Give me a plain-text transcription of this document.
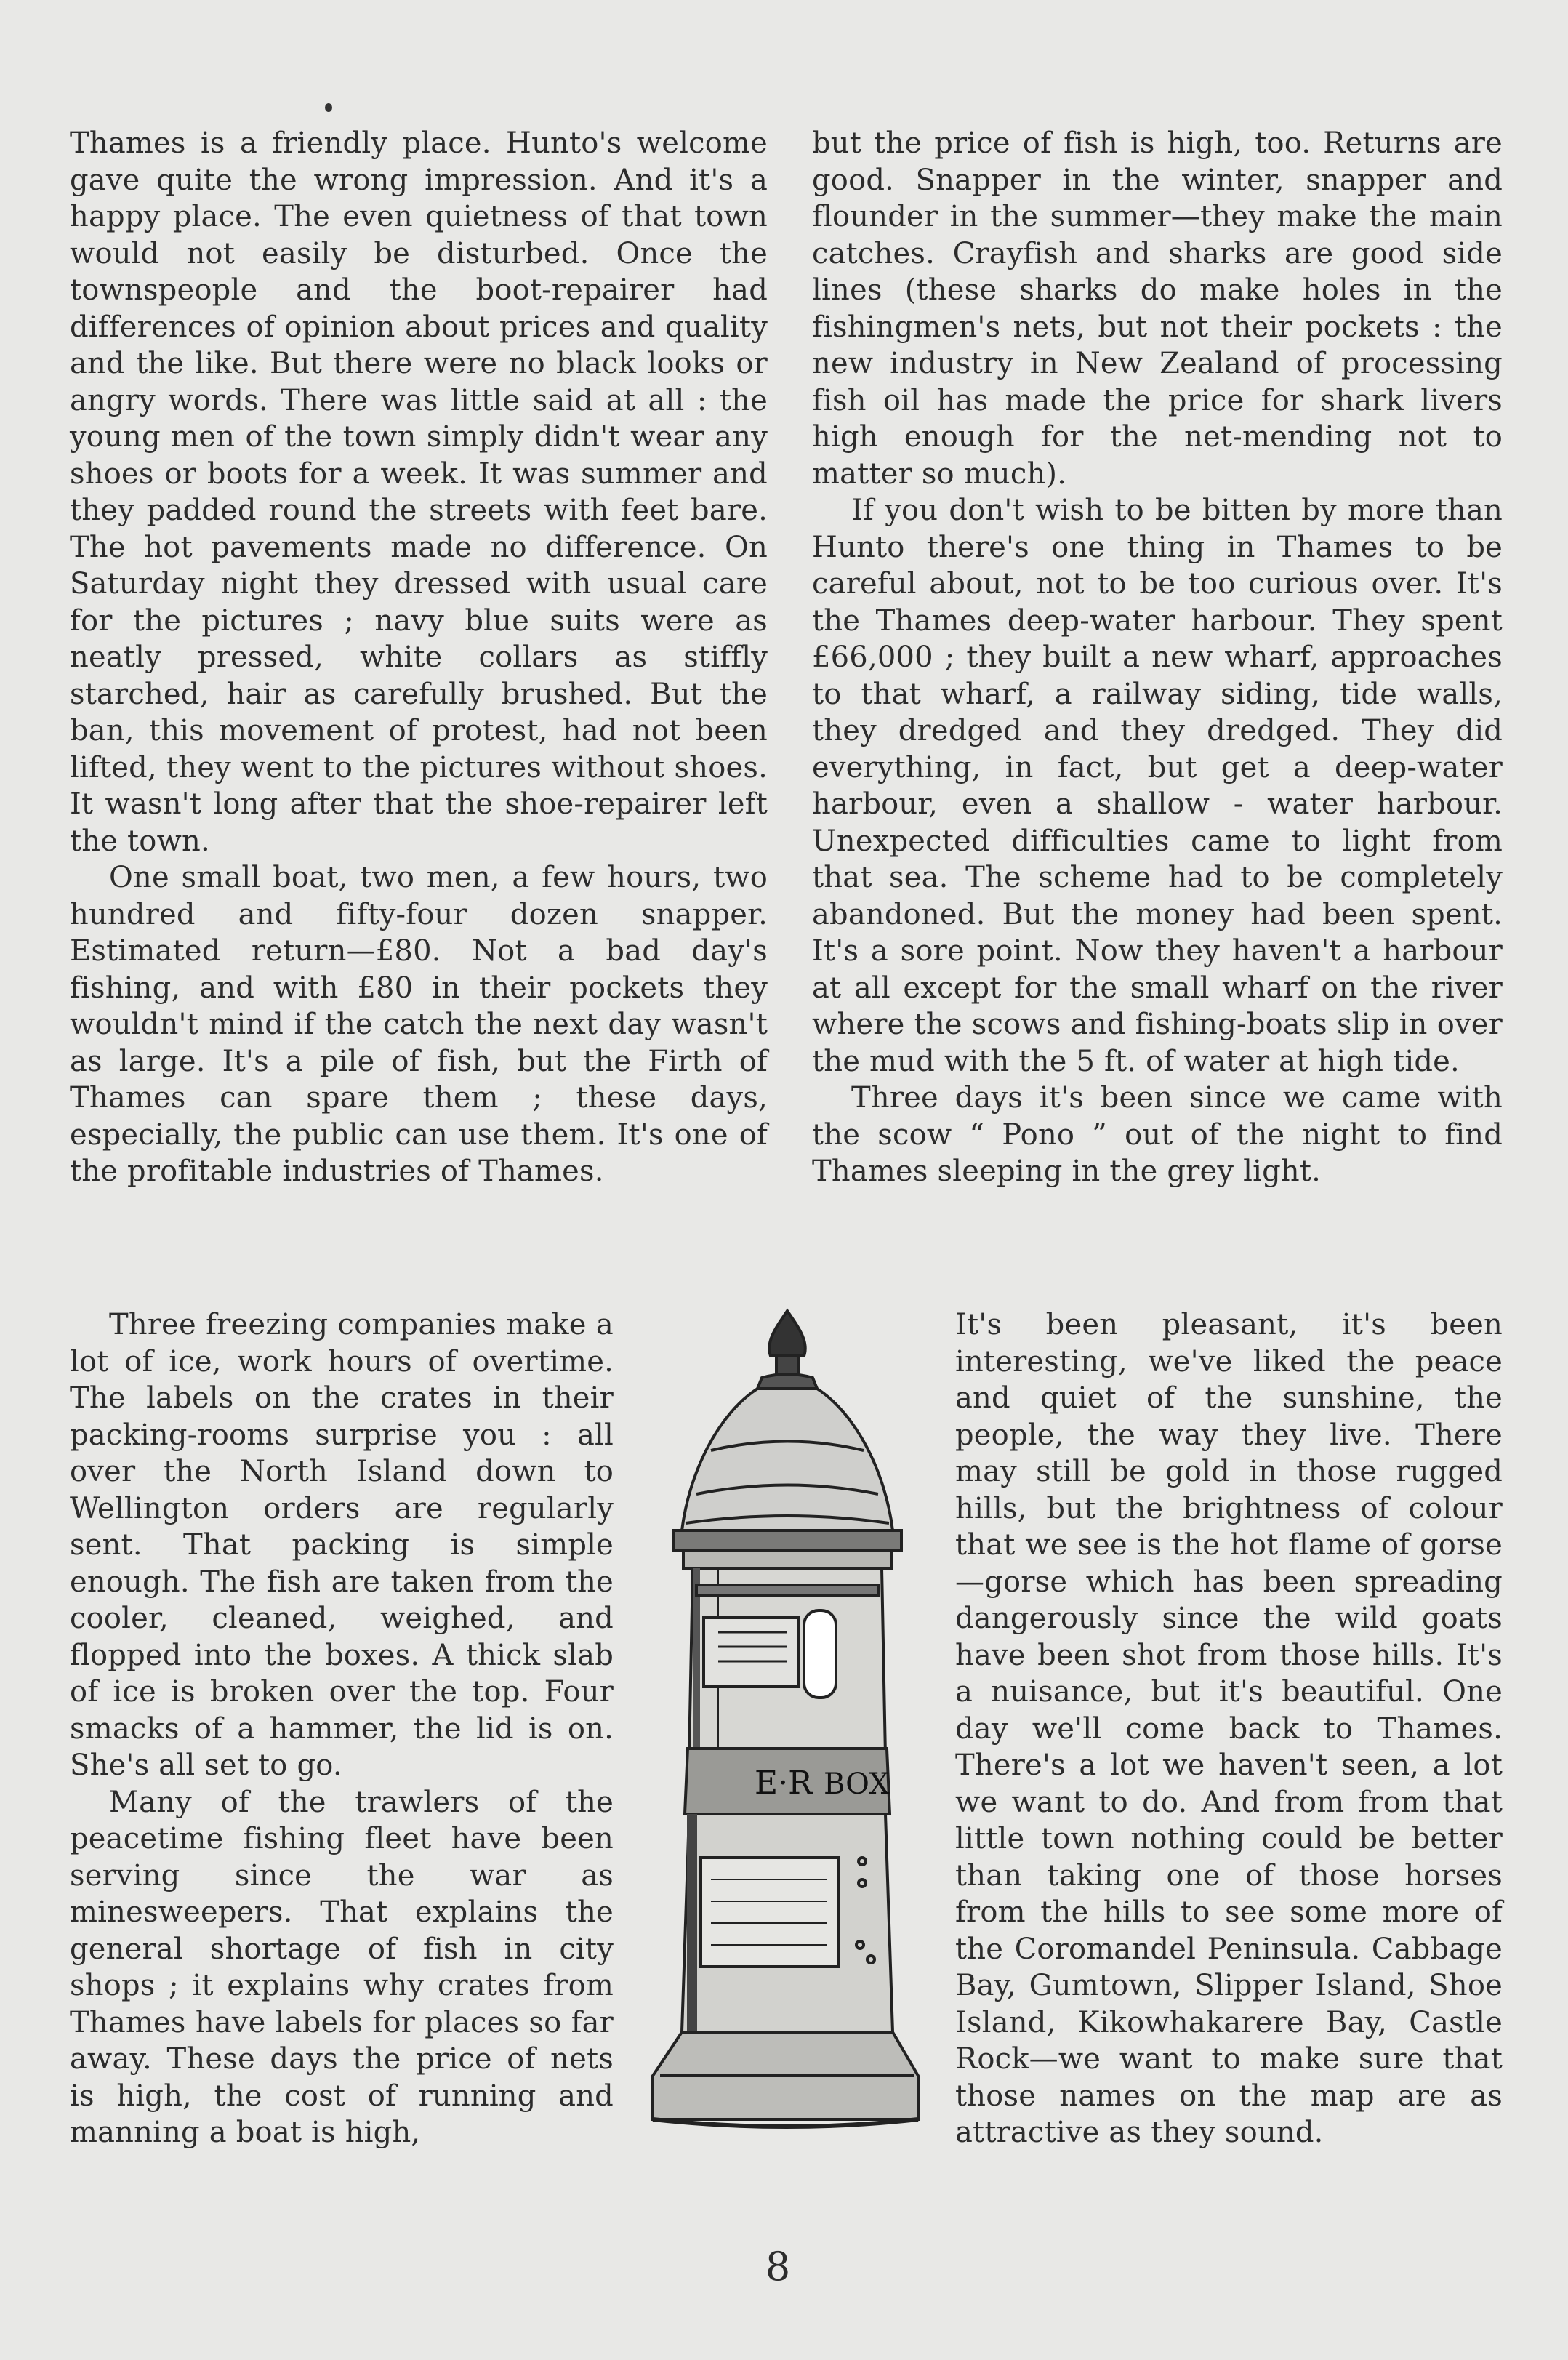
Thames is a friendly place. Hunto's welcome gave quite the wrong impression. And it's a happy place. The even quietness of that town would not easily be disturbed. Once the townspeople and the boot-repairer had differences of opinion about prices and quality and the like. But there were no black looks or angry words. There was little said at all : the young men of the town simply didn't wear any shoes or boots for a week. It was summer and they padded round the streets with feet bare. The hot pavements made no difference. On Saturday night they dressed with usual care for the pictures ; navy blue suits were as neatly pressed, white collars as stiffly starched, hair as carefully brushed. But the ban, this movement of protest, had not been lifted, they went to the pictures without shoes. It wasn't long after that the shoe-repairer left the town.

One small boat, two men, a few hours, two hundred and fifty-four dozen snapper. Estimated return—£80. Not a bad day's fishing, and with £80 in their pockets they wouldn't mind if the catch the next day wasn't as large. It's a pile of fish, but the Firth of Thames can spare them ; these days, especially, the public can use them. It's one of the profitable industries of Thames.

Three freezing companies make a lot of ice, work hours of overtime. The labels on the crates in their packing-rooms surprise you : all over the North Island down to Wellington orders are regularly sent. That packing is simple enough. The fish are taken from the cooler, cleaned, weighed, and flopped into the boxes. A thick slab of ice is broken over the top. Four smacks of a hammer, the lid is on. She's all set to go.

Many of the trawlers of the peacetime fishing fleet have been serving since the war as minesweepers. That explains the general shortage of fish in city shops ; it explains why crates from Thames have labels for places so far away. These days the price of nets is high, the cost of running and manning a boat is high,

but the price of fish is high, too. Returns are good. Snapper in the winter, snapper and flounder in the summer—they make the main catches. Crayfish and sharks are good side lines (these sharks do make holes in the fishingmen's nets, but not their pockets : the new industry in New Zealand of processing fish oil has made the price for shark livers high enough for the net-mending not to matter so much).

If you don't wish to be bitten by more than Hunto there's one thing in Thames to be careful about, not to be too curious over. It's the Thames deep-water harbour. They spent £66,000 ; they built a new wharf, approaches to that wharf, a railway siding, tide walls, they dredged and they dredged. They did everything, in fact, but get a deep-water harbour, even a shallow - water harbour. Unexpected difficulties came to light from that sea. The scheme had to be completely abandoned. But the money had been spent. It's a sore point. Now they haven't a harbour at all except for the small wharf on the river where the scows and fishing-boats slip in over the mud with the 5 ft. of water at high tide.

Three days it's been since we came with the scow “ Pono ” out of the night to find Thames sleeping in the grey light.

It's been pleasant, it's been interesting, we've liked the peace and quiet of the sunshine, the people, the way they live. There may still be gold in those rugged hills, but the brightness of colour that we see is the hot flame of gorse—gorse which has been spreading dangerously since the wild goats have been shot from those hills. It's a nuisance, but it's beautiful. One day we'll come back to Thames. There's a lot we haven't seen, a lot we want to do. And from from that little town nothing could be better than taking one of those horses from the hills to see some more of the Coromandel Peninsula. Cabbage Bay, Gumtown, Slipper Island, Shoe Island, Kikowhakarere Bay, Castle Rock—we want to make sure that those names on the map are as attractive as they sound.

E·R BOX
8
